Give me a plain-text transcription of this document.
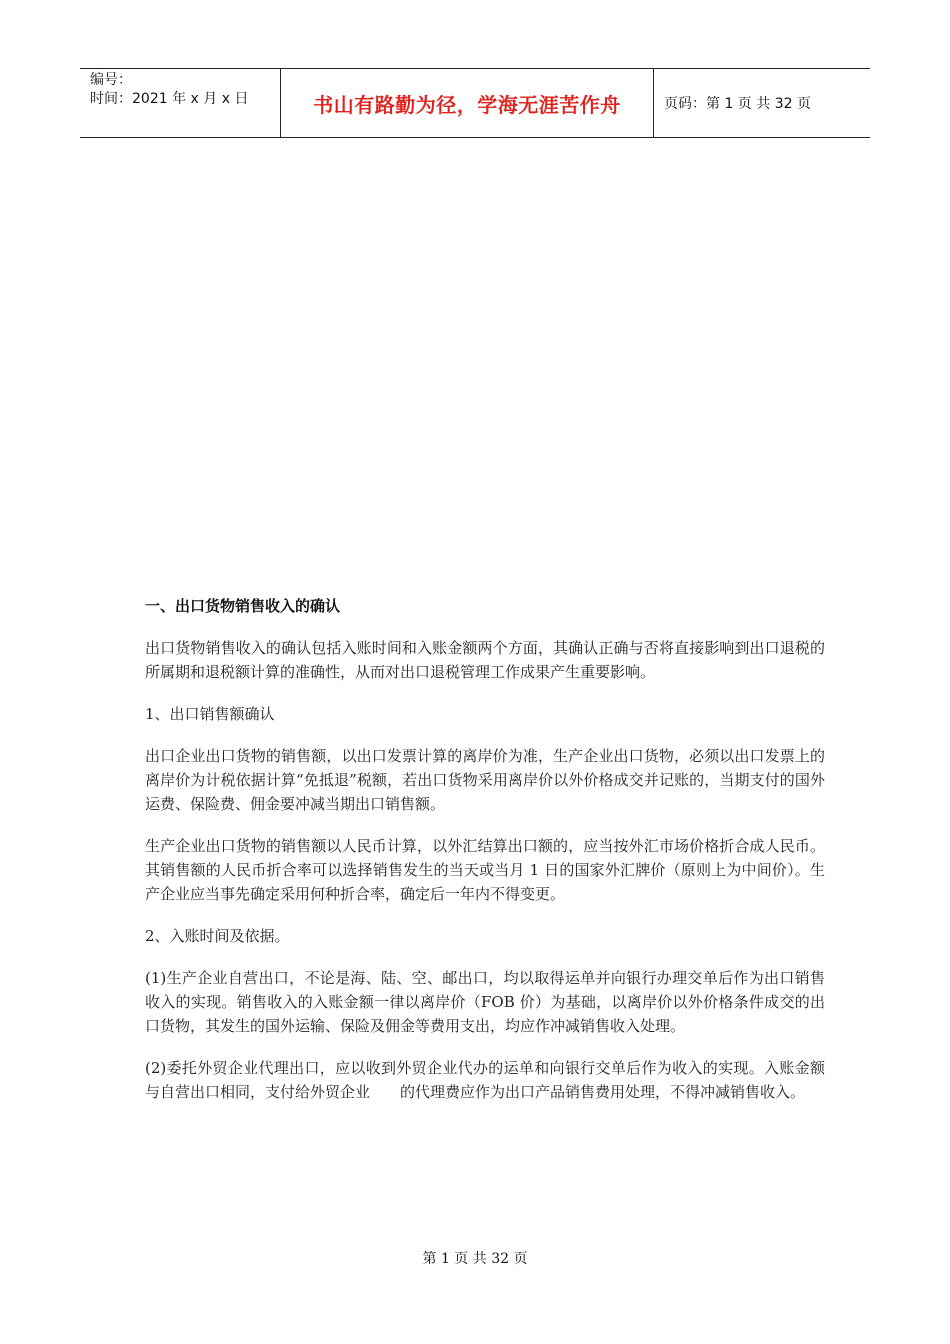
编号：
时间：2021 年 x 月 x 日	书山有路勤为径，学海无涯苦作舟	页码：第 1 页 共 32 页

一、出口货物销售收入的确认

出口货物销售收入的确认包括入账时间和入账金额两个方面，其确认正确与否将直接影响到出口退税的所属期和退税额计算的准确性，从而对出口退税管理工作成果产生重要影响。

1、出口销售额确认

出口企业出口货物的销售额，以出口发票计算的离岸价为准，生产企业出口货物，必须以出口发票上的离岸价为计税依据计算“免抵退”税额，若出口货物采用离岸价以外价格成交并记账的，当期支付的国外运费、保险费、佣金要冲减当期出口销售额。

生产企业出口货物的销售额以人民币计算，以外汇结算出口额的，应当按外汇市场价格折合成人民币。其销售额的人民币折合率可以选择销售发生的当天或当月 1 日的国家外汇牌价（原则上为中间价）。生产企业应当事先确定采用何种折合率，确定后一年内不得变更。

2、入账时间及依据。

(1)生产企业自营出口，不论是海、陆、空、邮出口，均以取得运单并向银行办理交单后作为出口销售收入的实现。销售收入的入账金额一律以离岸价（FOB 价）为基础，以离岸价以外价格条件成交的出口货物，其发生的国外运输、保险及佣金等费用支出，均应作冲减销售收入处理。

(2)委托外贸企业代理出口，应以收到外贸企业代办的运单和向银行交单后作为收入的实现。入账金额与自营出口相同，支付给外贸企业　　的代理费应作为出口产品销售费用处理，不得冲减销售收入。

第 1 页 共 32 页
